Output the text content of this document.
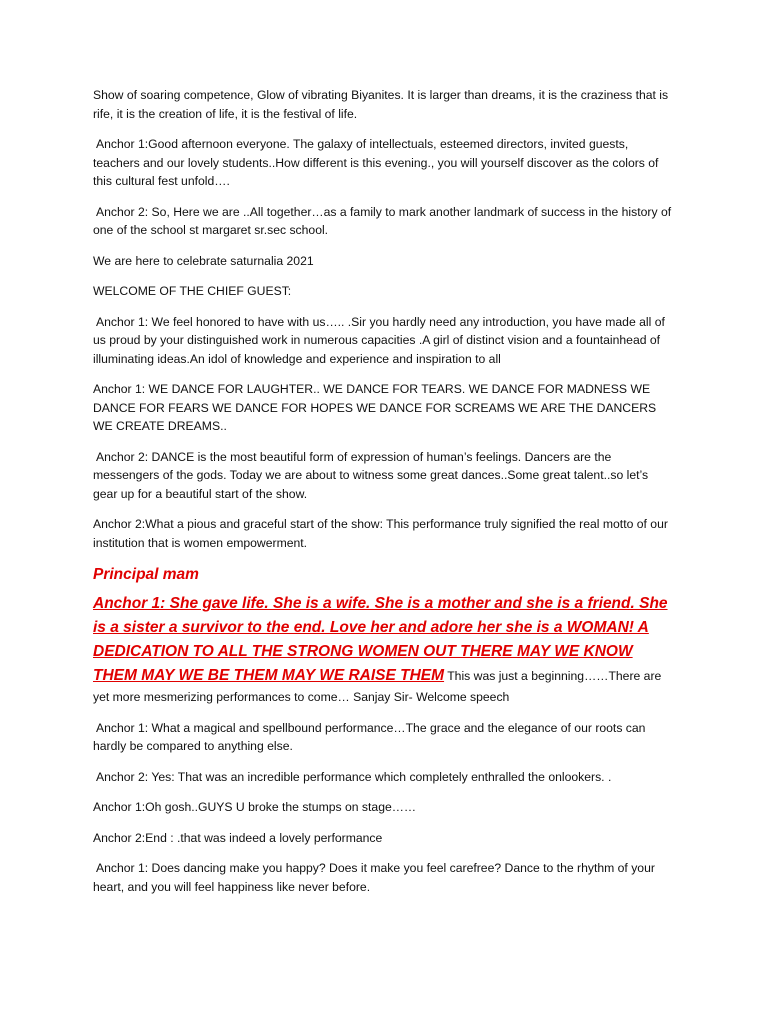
Show of soaring competence, Glow of vibrating Biyanites. It is larger than dreams, it is the craziness that is rife, it is the creation of life, it is the festival of life.

Anchor 1:Good afternoon everyone. The galaxy of intellectuals, esteemed directors, invited guests, teachers and our lovely students..How different is this evening., you will yourself discover as the colors of this cultural fest unfold….

Anchor 2: So, Here we are ..All together…as a family to mark another landmark of success in the history of one of the school st margaret sr.sec school.

We are here to celebrate saturnalia 2021

WELCOME OF THE CHIEF GUEST:

Anchor 1: We feel honored to have with us….. .Sir you hardly need any introduction, you have made all of us proud by your distinguished work in numerous capacities .A girl of distinct vision and a fountainhead of illuminating ideas.An idol of knowledge and experience and inspiration to all

Anchor 1: WE DANCE FOR LAUGHTER.. WE DANCE FOR TEARS. WE DANCE FOR MADNESS WE DANCE FOR FEARS WE DANCE FOR HOPES WE DANCE FOR SCREAMS WE ARE THE DANCERS WE CREATE DREAMS..

Anchor 2: DANCE is the most beautiful form of expression of human’s feelings. Dancers are the messengers of the gods. Today we are about to witness some great dances..Some great talent..so let’s gear up for a beautiful start of the show.

Anchor 2:What a pious and graceful start of the show: This performance truly signified the real motto of our institution that is women empowerment.

Principal mam

Anchor 1: She gave life. She is a wife. She is a mother and she is a friend. She is a sister a survivor to the end. Love her and adore her she is a WOMAN! A DEDICATION TO ALL THE STRONG WOMEN OUT THERE MAY WE KNOW THEM MAY WE BE THEM MAY WE RAISE THEM This was just a beginning……There are yet more mesmerizing performances to come… Sanjay Sir- Welcome speech

Anchor 1: What a magical and spellbound performance…The grace and the elegance of our roots can hardly be compared to anything else.

Anchor 2: Yes: That was an incredible performance which completely enthralled the onlookers. .

Anchor 1:Oh gosh..GUYS U broke the stumps on stage……

Anchor 2:End : .that was indeed a lovely performance

Anchor 1: Does dancing make you happy? Does it make you feel carefree? Dance to the rhythm of your heart, and you will feel happiness like never before.
